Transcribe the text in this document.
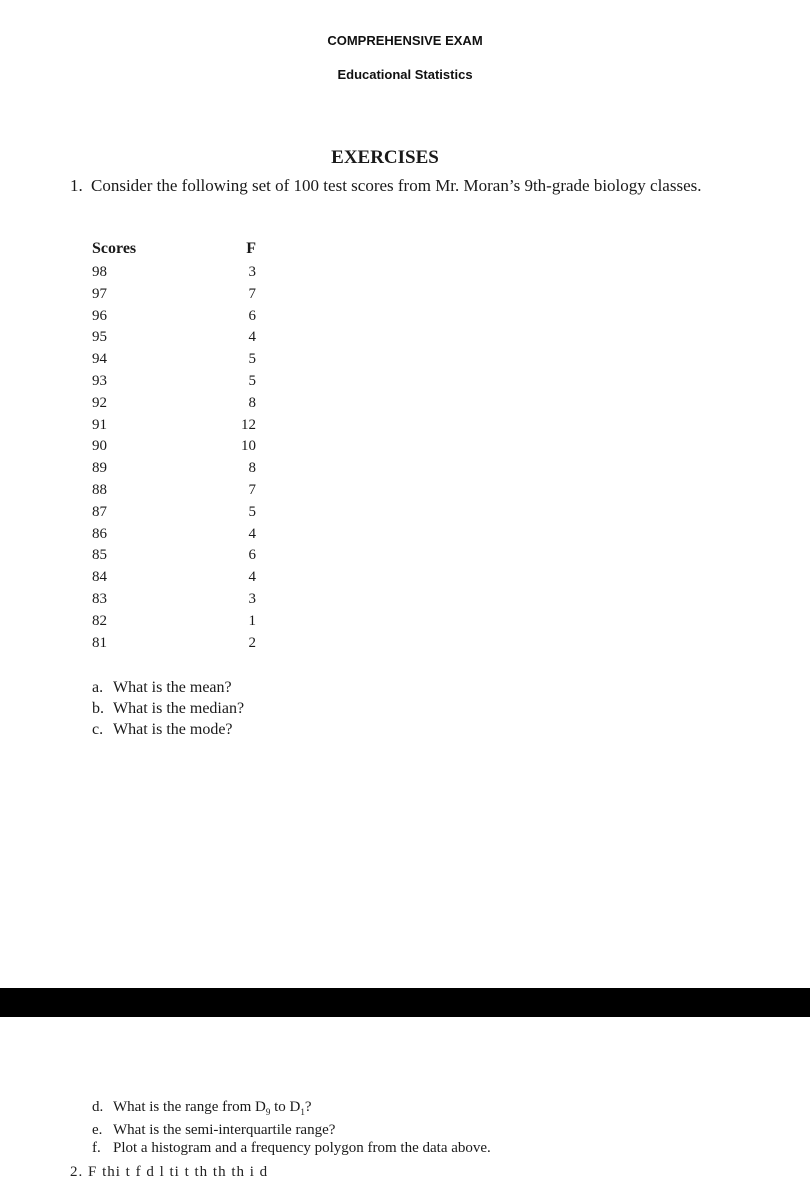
COMPREHENSIVE EXAM
Educational Statistics
EXERCISES
1. Consider the following set of 100 test scores from Mr. Moran’s 9th-grade biology classes.
Scores	F
98	3
97	7
96	6
95	4
94	5
93	5
92	8
91	12
90	10
89	8
88	7
87	5
86	4
85	6
84	4
83	3
82	1
81	2
a. What is the mean?
b. What is the median?
c. What is the mode?
d. What is the range from $D_9$ to $D_1$?
e. What is the semi-interquartile range?
f. Plot a histogram and a frequency polygon from the data above.
2. F thi t f d l ti t th th th i d
